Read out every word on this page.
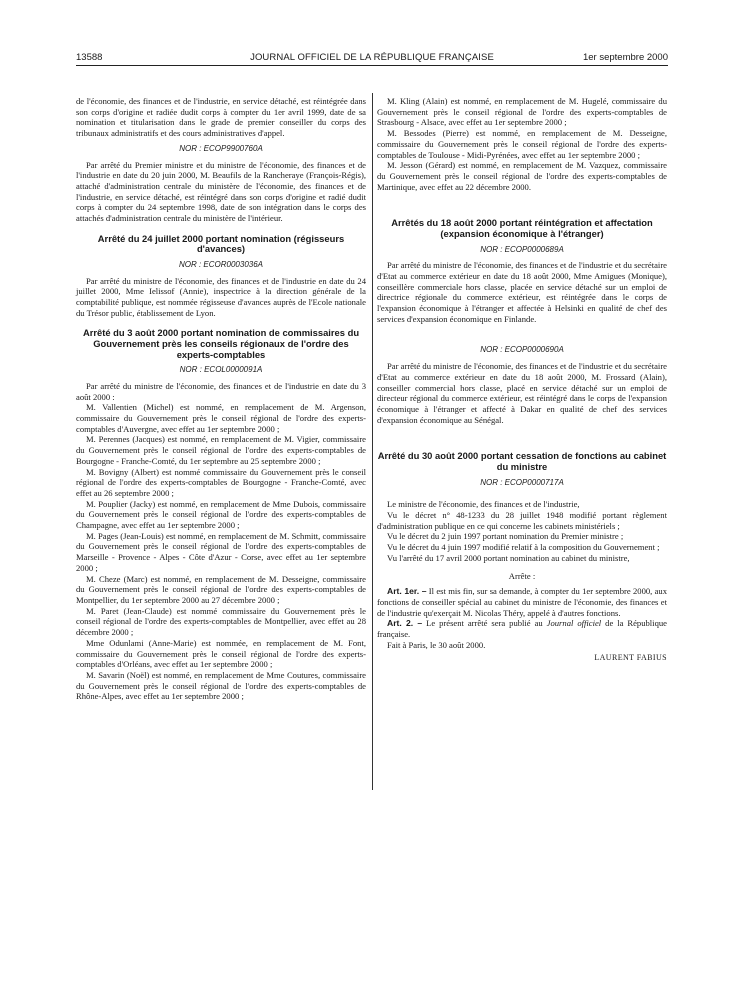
13588	JOURNAL OFFICIEL DE LA RÉPUBLIQUE FRANÇAISE	1er septembre 2000

de l'économie, des finances et de l'industrie, en service détaché, est réintégrée dans son corps d'origine et radiée dudit corps à compter du 1er avril 1999, date de sa nomination et titularisation dans le grade de premier conseiller du corps des tribunaux administratifs et des cours administratives d'appel.

NOR : ECOP9900760A

Par arrêté du Premier ministre et du ministre de l'économie, des finances et de l'industrie en date du 20 juin 2000, M. Beaufils de la Rancheraye (François-Régis), attaché d'administration centrale du ministère de l'économie, des finances et de l'industrie, en service détaché, est réintégré dans son corps d'origine et radié dudit corps à compter du 24 septembre 1998, date de son intégration dans le corps des attachés d'administration centrale du ministère de l'intérieur.

Arrêté du 24 juillet 2000 portant nomination (régisseurs d'avances)
NOR : ECOR0003036A

Par arrêté du ministre de l'économie, des finances et de l'industrie en date du 24 juillet 2000, Mme Ielissof (Annie), inspectrice à la direction générale de la comptabilité publique, est nommée régisseuse d'avances auprès de l'Ecole nationale du Trésor public, établissement de Lyon.

Arrêté du 3 août 2000 portant nomination de commissaires du Gouvernement près les conseils régionaux de l'ordre des experts-comptables
NOR : ECOL0000091A

Par arrêté du ministre de l'économie, des finances et de l'industrie en date du 3 août 2000 :

M. Vallentien (Michel) est nommé, en remplacement de M. Argenson, commissaire du Gouvernement près le conseil régional de l'ordre des experts-comptables d'Auvergne, avec effet au 1er septembre 2000 ;

M. Perennes (Jacques) est nommé, en remplacement de M. Vigier, commissaire du Gouvernement près le conseil régional de l'ordre des experts-comptables de Bourgogne - Franche-Comté, du 1er septembre au 25 septembre 2000 ;

M. Bovigny (Albert) est nommé commissaire du Gouvernement près le conseil régional de l'ordre des experts-comptables de Bourgogne - Franche-Comté, avec effet au 26 septembre 2000 ;

M. Pouplier (Jacky) est nommé, en remplacement de Mme Dubois, commissaire du Gouvernement près le conseil régional de l'ordre des experts-comptables de Champagne, avec effet au 1er septembre 2000 ;

M. Pages (Jean-Louis) est nommé, en remplacement de M. Schmitt, commissaire du Gouvernement près le conseil régional de l'ordre des experts-comptables de Marseille - Provence - Alpes - Côte d'Azur - Corse, avec effet au 1er septembre 2000 ;

M. Cheze (Marc) est nommé, en remplacement de M. Desseigne, commissaire du Gouvernement près le conseil régional de l'ordre des experts-comptables de Montpellier, du 1er septembre 2000 au 27 décembre 2000 ;

M. Paret (Jean-Claude) est nommé commissaire du Gouvernement près le conseil régional de l'ordre des experts-comptables de Montpellier, avec effet au 28 décembre 2000 ;

Mme Odunlami (Anne-Marie) est nommée, en remplacement de M. Font, commissaire du Gouvernement près le conseil régional de l'ordre des experts-comptables d'Orléans, avec effet au 1er septembre 2000 ;

M. Savarin (Noël) est nommé, en remplacement de Mme Coutures, commissaire du Gouvernement près le conseil régional de l'ordre des experts-comptables de Rhône-Alpes, avec effet au 1er septembre 2000 ;

M. Kling (Alain) est nommé, en remplacement de M. Hugelé, commissaire du Gouvernement près le conseil régional de l'ordre des experts-comptables de Strasbourg - Alsace, avec effet au 1er septembre 2000 ;

M. Bessodes (Pierre) est nommé, en remplacement de M. Desseigne, commissaire du Gouvernement près le conseil régional de l'ordre des experts-comptables de Toulouse - Midi-Pyrénées, avec effet au 1er septembre 2000 ;

M. Jesson (Gérard) est nommé, en remplacement de M. Vazquez, commissaire du Gouvernement près le conseil régional de l'ordre des experts-comptables de Martinique, avec effet au 22 décembre 2000.

Arrêtés du 18 août 2000 portant réintégration et affectation (expansion économique à l'étranger)
NOR : ECOP0000689A

Par arrêté du ministre de l'économie, des finances et de l'industrie et du secrétaire d'Etat au commerce extérieur en date du 18 août 2000, Mme Amigues (Monique), conseillère commerciale hors classe, placée en service détaché sur un emploi de directrice régionale du commerce extérieur, est réintégrée dans le corps de l'expansion économique à l'étranger et affectée à Helsinki en qualité de chef des services d'expansion économique en Finlande.

NOR : ECOP0000690A

Par arrêté du ministre de l'économie, des finances et de l'industrie et du secrétaire d'Etat au commerce extérieur en date du 18 août 2000, M. Frossard (Alain), conseiller commercial hors classe, placé en service détaché sur un emploi de directeur régional du commerce extérieur, est réintégré dans le corps de l'expansion économique à l'étranger et affecté à Dakar en qualité de chef des services d'expansion économique au Sénégal.

Arrêté du 30 août 2000 portant cessation de fonctions au cabinet du ministre
NOR : ECOP0000717A

Le ministre de l'économie, des finances et de l'industrie,

Vu le décret n° 48-1233 du 28 juillet 1948 modifié portant règlement d'administration publique en ce qui concerne les cabinets ministériels ;

Vu le décret du 2 juin 1997 portant nomination du Premier ministre ;

Vu le décret du 4 juin 1997 modifié relatif à la composition du Gouvernement ;

Vu l'arrêté du 17 avril 2000 portant nomination au cabinet du ministre,

Arrête :

Art. 1er. – Il est mis fin, sur sa demande, à compter du 1er septembre 2000, aux fonctions de conseiller spécial au cabinet du ministre de l'économie, des finances et de l'industrie qu'exerçait M. Nicolas Théry, appelé à d'autres fonctions.

Art. 2. – Le présent arrêté sera publié au Journal officiel de la République française.

Fait à Paris, le 30 août 2000.

LAURENT FABIUS
